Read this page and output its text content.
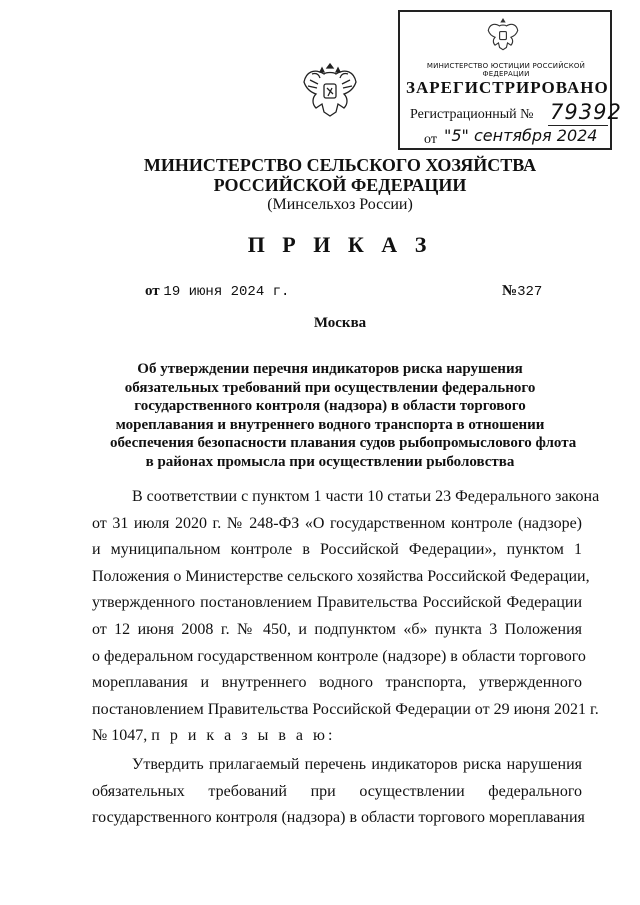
МИНИСТЕРСТВО ЮСТИЦИИ РОССИЙСКОЙ ФЕДЕРАЦИИ
ЗАРЕГИСТРИРОВАНО
Регистрационный № 79392
от "5" сентября 2024
МИНИСТЕРСТВО СЕЛЬСКОГО ХОЗЯЙСТВА
РОССИЙСКОЙ ФЕДЕРАЦИИ
(Минсельхоз России)
П Р И К А З
от 19 июня 2024 г.	№327
Москва
Об утверждении перечня индикаторов риска нарушения
обязательных требований при осуществлении федерального
государственного контроля (надзора) в области торгового
мореплавания и внутреннего водного транспорта в отношении
обеспечения безопасности плавания судов рыбопромыслового флота
в районах промысла при осуществлении рыболовства
В соответствии с пунктом 1 части 10 статьи 23 Федерального закона
от 31 июля 2020 г. № 248-ФЗ «О государственном контроле (надзоре)
и муниципальном контроле в Российской Федерации», пунктом 1
Положения о Министерстве сельского хозяйства Российской Федерации,
утвержденного постановлением Правительства Российской Федерации
от 12 июня 2008 г. № 450, и подпунктом «б» пункта 3 Положения
о федеральном государственном контроле (надзоре) в области торгового
мореплавания и внутреннего водного транспорта, утвержденного
постановлением Правительства Российской Федерации от 29 июня 2021 г.
№ 1047, п р и к а з ы в а ю:
Утвердить прилагаемый перечень индикаторов риска нарушения
обязательных требований при осуществлении федерального
государственного контроля (надзора) в области торгового мореплавания
